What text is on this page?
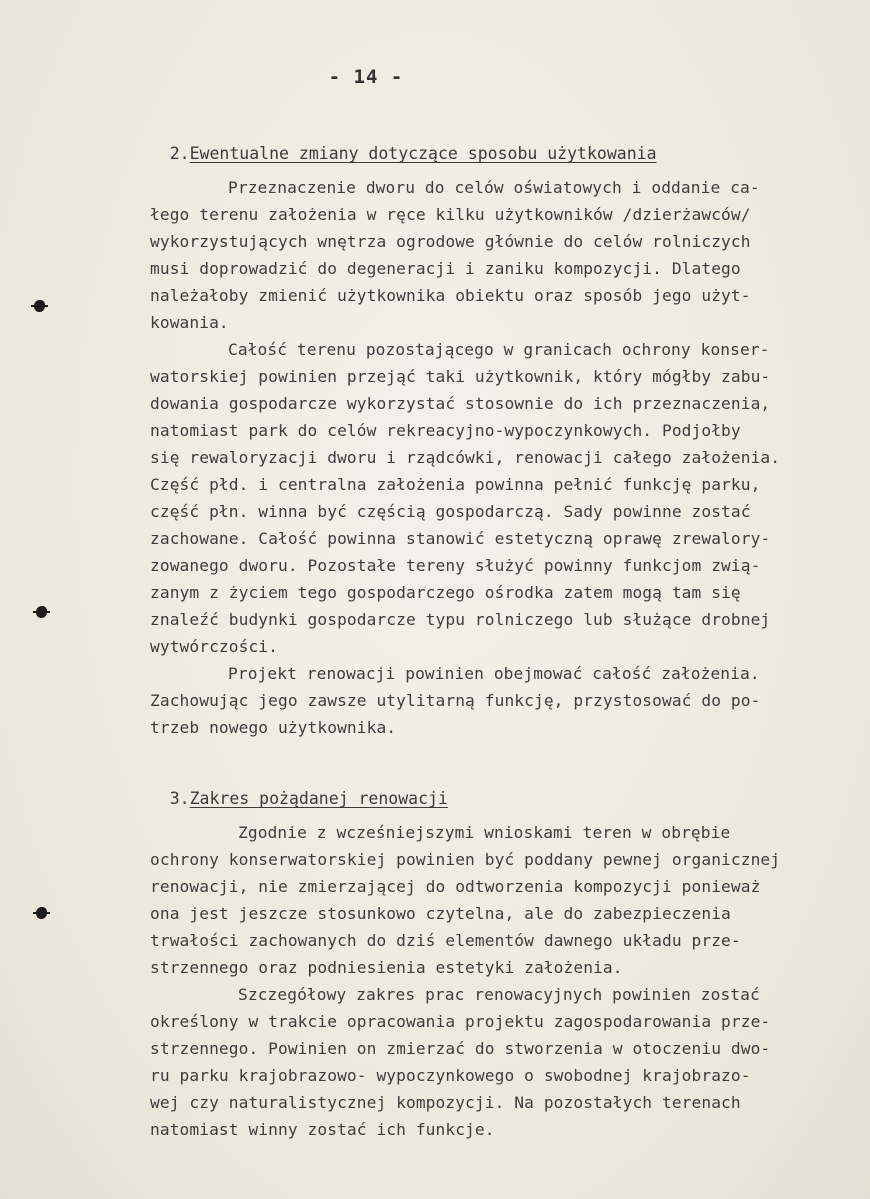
- 14 -

2.Ewentualne zmiany dotyczące sposobu użytkowania

Przeznaczenie dworu do celów oświatowych i oddanie ca-
łego terenu założenia w ręce kilku użytkowników /dzierżawców/
wykorzystujących wnętrza ogrodowe głównie do celów rolniczych
musi doprowadzić do degeneracji i zaniku kompozycji. Dlatego
należałoby zmienić użytkownika obiektu oraz sposób jego użyt-
kowania.
Całość terenu pozostającego w granicach ochrony konser-
watorskiej powinien przejąć taki użytkownik, który mógłby zabu-
dowania gospodarcze wykorzystać stosownie do ich przeznaczenia,
natomiast park do celów rekreacyjno-wypoczynkowych. Podjołby
się rewaloryzacji dworu i rządcówki, renowacji całego założenia.
Część płd. i centralna założenia powinna pełnić funkcję parku,
część płn. winna być częścią gospodarczą. Sady powinne zostać
zachowane. Całość powinna stanowić estetyczną oprawę zrewalory-
zowanego dworu. Pozostałe tereny służyć powinny funkcjom zwią-
zanym z życiem tego gospodarczego ośrodka zatem mogą tam się
znaleźć budynki gospodarcze typu rolniczego lub służące drobnej
wytwórczości.
Projekt renowacji powinien obejmować całość założenia.
Zachowując jego zawsze utylitarną funkcję, przystosować do po-
trzeb nowego użytkownika.

3.Zakres pożądanej renowacji

Zgodnie z wcześniejszymi wnioskami teren w obrębie
ochrony konserwatorskiej powinien być poddany pewnej organicznej
renowacji, nie zmierzającej do odtworzenia kompozycji ponieważ
ona jest jeszcze stosunkowo czytelna, ale do zabezpieczenia
trwałości zachowanych do dziś elementów dawnego układu prze-
strzennego oraz podniesienia estetyki założenia.
Szczegółowy zakres prac renowacyjnych powinien zostać
określony w trakcie opracowania projektu zagospodarowania prze-
strzennego. Powinien on zmierzać do stworzenia w otoczeniu dwo-
ru parku krajobrazowo- wypoczynkowego o swobodnej krajobrazo-
wej czy naturalistycznej kompozycji. Na pozostałych terenach
natomiast winny zostać ich funkcje.
